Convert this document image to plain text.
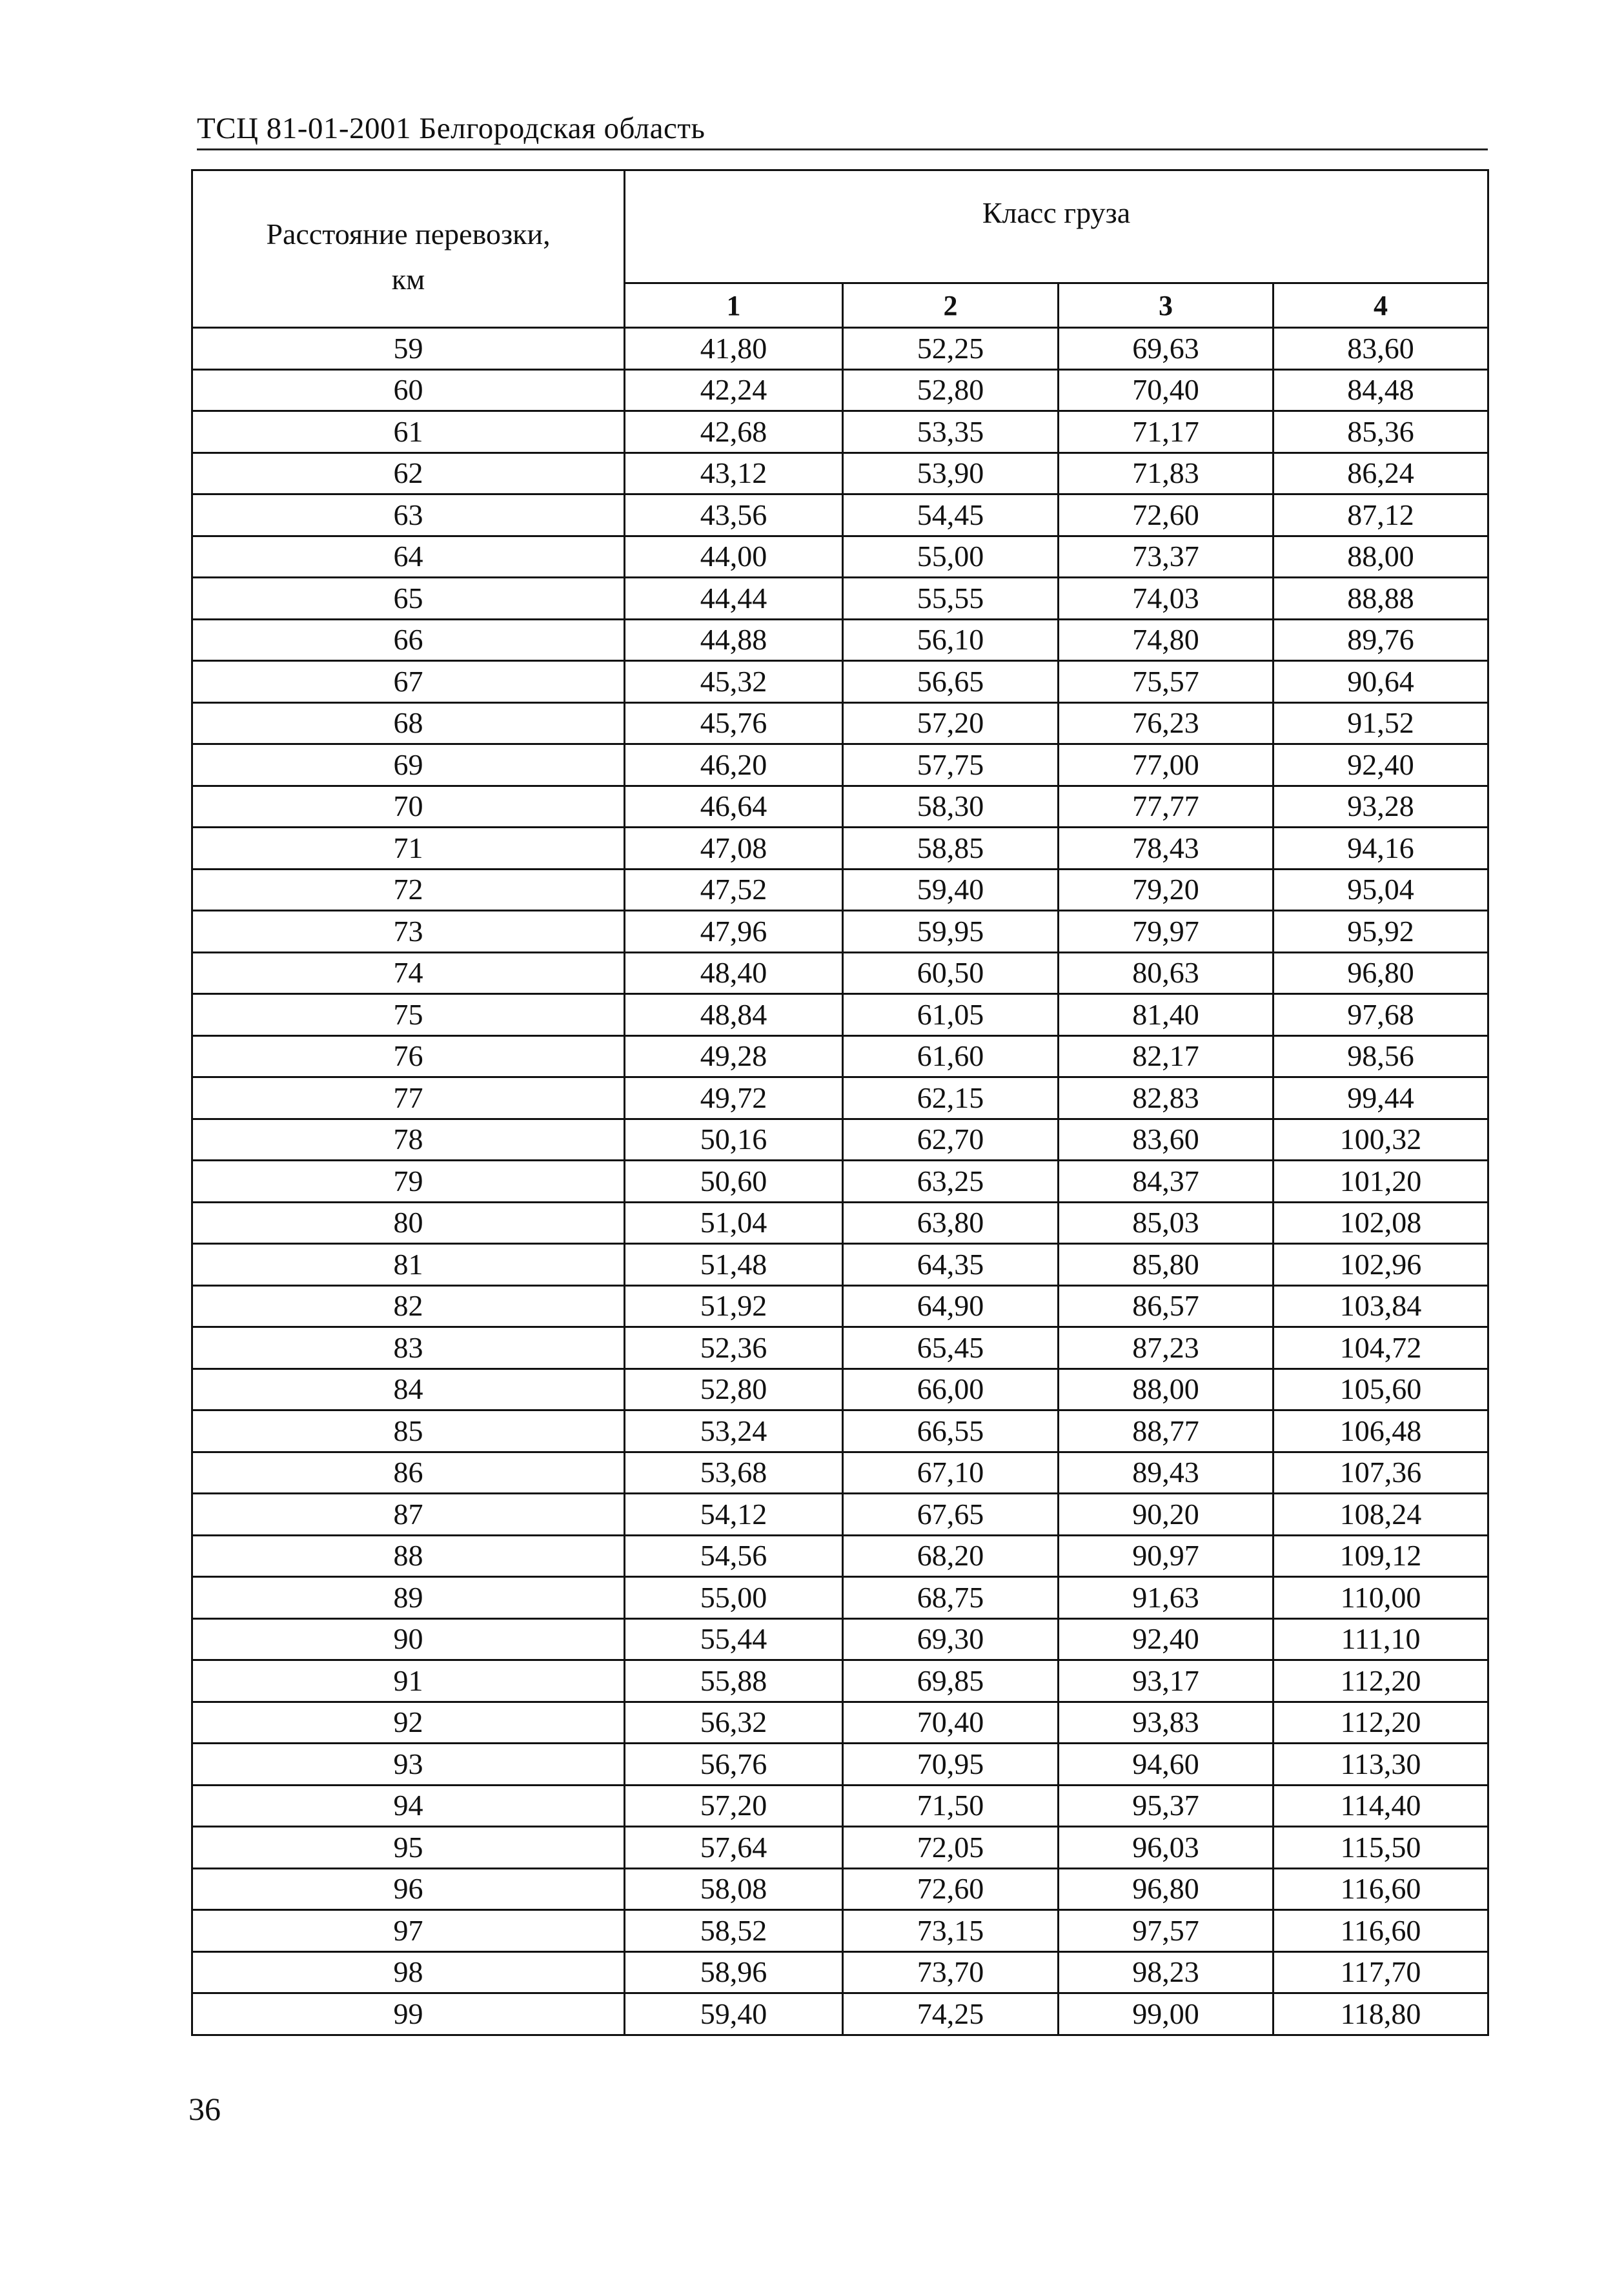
ТСЦ 81-01-2001 Белгородская область
Расстояние перевозки,
км	Класс груза			
	1	2	3	4
59	41,80	52,25	69,63	83,60
60	42,24	52,80	70,40	84,48
61	42,68	53,35	71,17	85,36
62	43,12	53,90	71,83	86,24
63	43,56	54,45	72,60	87,12
64	44,00	55,00	73,37	88,00
65	44,44	55,55	74,03	88,88
66	44,88	56,10	74,80	89,76
67	45,32	56,65	75,57	90,64
68	45,76	57,20	76,23	91,52
69	46,20	57,75	77,00	92,40
70	46,64	58,30	77,77	93,28
71	47,08	58,85	78,43	94,16
72	47,52	59,40	79,20	95,04
73	47,96	59,95	79,97	95,92
74	48,40	60,50	80,63	96,80
75	48,84	61,05	81,40	97,68
76	49,28	61,60	82,17	98,56
77	49,72	62,15	82,83	99,44
78	50,16	62,70	83,60	100,32
79	50,60	63,25	84,37	101,20
80	51,04	63,80	85,03	102,08
81	51,48	64,35	85,80	102,96
82	51,92	64,90	86,57	103,84
83	52,36	65,45	87,23	104,72
84	52,80	66,00	88,00	105,60
85	53,24	66,55	88,77	106,48
86	53,68	67,10	89,43	107,36
87	54,12	67,65	90,20	108,24
88	54,56	68,20	90,97	109,12
89	55,00	68,75	91,63	110,00
90	55,44	69,30	92,40	111,10
91	55,88	69,85	93,17	112,20
92	56,32	70,40	93,83	112,20
93	56,76	70,95	94,60	113,30
94	57,20	71,50	95,37	114,40
95	57,64	72,05	96,03	115,50
96	58,08	72,60	96,80	116,60
97	58,52	73,15	97,57	116,60
98	58,96	73,70	98,23	117,70
99	59,40	74,25	99,00	118,80
36
